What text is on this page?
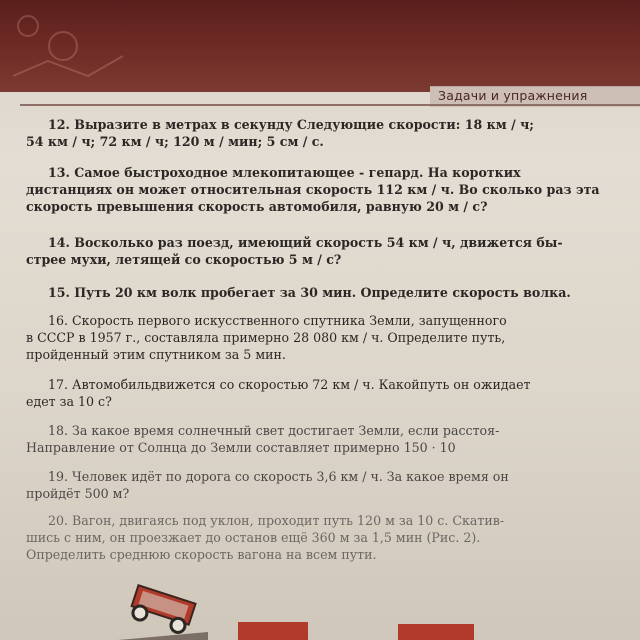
Задачи и упражнения

12. Выразите в метрах в секунду Следующие скорости: 18 км / ч;

54 км / ч; 72 км / ч; 120 м / мин; 5 см / с.

13. Самое быстроходное млекопитающее - гепард. На коротких

дистанциях он может относительная скорость 112 км / ч. Во сколько раз эта

скорость превышения скорость автомобиля, равную 20 м / с?

14. Восколько раз поезд, имеющий скорость 54 км / ч, движется бы-

стрее мухи, летящей со скоростью 5 м / с?

15. Путь 20 км волк пробегает за 30 мин. Определите скорость волка.

16. Скорость первого искусственного спутника Земли, запущенного

в СССР в 1957 г., составляла примерно 28 080 км / ч. Определите путь,

пройденный этим спутником за 5 мин.

17. Автомобильдвижется со скоростью 72 км / ч. Какойпуть он ожидает

едет за 10 с?

18. За какое время солнечный свет достигает Земли, если расстоя-

Направление от Солнца до Земли составляет примерно 150 · 10

19. Человек идёт по дорога со скорость 3,6 км / ч. За какое время он

пройдёт 500 м?

20. Вагон, двигаясь под уклон, проходит путь 120 м за 10 с. Скатив-

шись с ним, он проезжает до останов ещё 360 м за 1,5 мин (Рис. 2).

Определить среднюю скорость вагона на всем пути.
